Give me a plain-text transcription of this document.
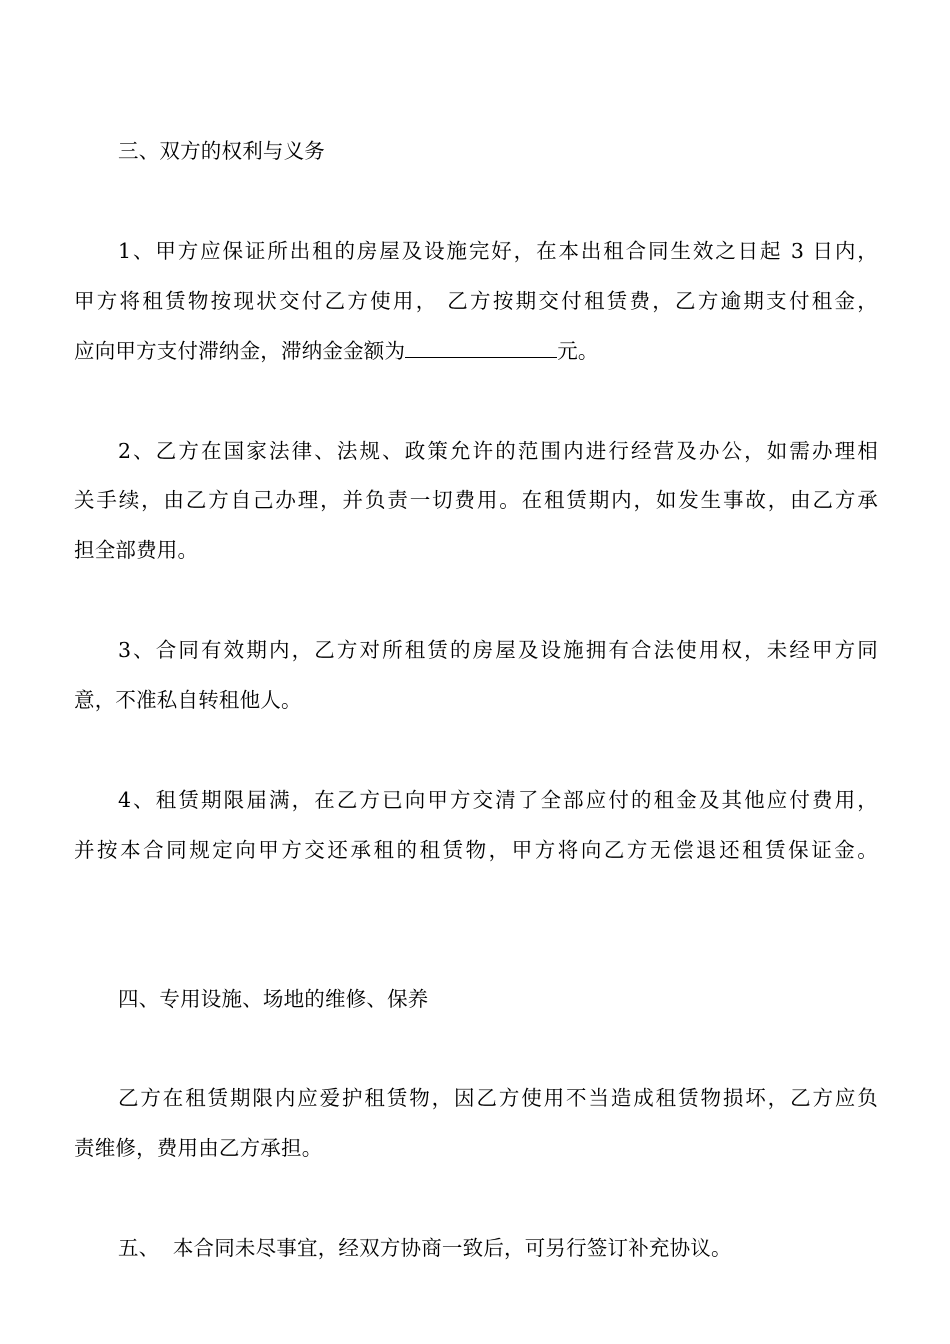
三、双方的权利与义务
1、甲方应保证所出租的房屋及设施完好，在本出租合同生效之日起 3 日内，
甲方将租赁物按现状交付乙方使用， 乙方按期交付租赁费，乙方逾期支付租金，
应向甲方支付滞纳金，滞纳金金额为	元。
2、乙方在国家法律、法规、政策允许的范围内进行经营及办公，如需办理相
关手续，由乙方自己办理，并负责一切费用。在租赁期内，如发生事故，由乙方承
担全部费用。
3、合同有效期内，乙方对所租赁的房屋及设施拥有合法使用权，未经甲方同
意，不准私自转租他人。
4、租赁期限届满，在乙方已向甲方交清了全部应付的租金及其他应付费用，
并按本合同规定向甲方交还承租的租赁物，甲方将向乙方无偿退还租赁保证金。
四、专用设施、场地的维修、保养
乙方在租赁期限内应爱护租赁物，因乙方使用不当造成租赁物损坏，乙方应负
责维修，费用由乙方承担。
五、  本合同未尽事宜，经双方协商一致后，可另行签订补充协议。
